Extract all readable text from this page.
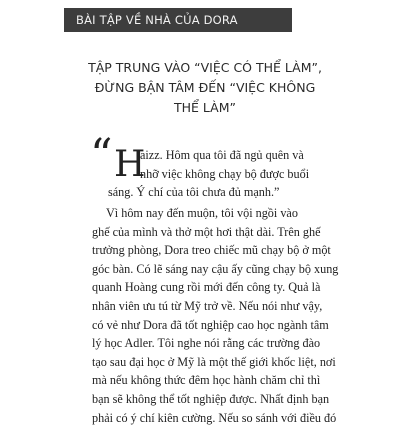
BÀI TẬP VỀ NHÀ CỦA DORA
TẬP TRUNG VÀO “VIỆC CÓ THỂ LÀM”,
ĐỪNG BẬN TÂM ĐẾN “VIỆC KHÔNG
THỂ LÀM”
“ H
aizz. Hôm qua tôi đã ngủ quên và
nhỡ việc không chạy bộ được buổi
sáng. Ý chí của tôi chưa đủ mạnh.”
Vì hôm nay đến muộn, tôi vội ngồi vào
ghế của mình và thở một hơi thật dài. Trên ghế
trưởng phòng, Dora treo chiếc mũ chạy bộ ở một
góc bàn. Có lẽ sáng nay cậu ấy cũng chạy bộ xung
quanh Hoàng cung rồi mới đến công ty. Quả là
nhân viên ưu tú từ Mỹ trở về. Nếu nói như vậy,
có vẻ như Dora đã tốt nghiệp cao học ngành tâm
lý học Adler. Tôi nghe nói rằng các trường đào
tạo sau đại học ở Mỹ là một thế giới khốc liệt, nơi
mà nếu không thức đêm học hành chăm chỉ thì
bạn sẽ không thể tốt nghiệp được. Nhất định bạn
phải có ý chí kiên cường. Nếu so sánh với điều đó
